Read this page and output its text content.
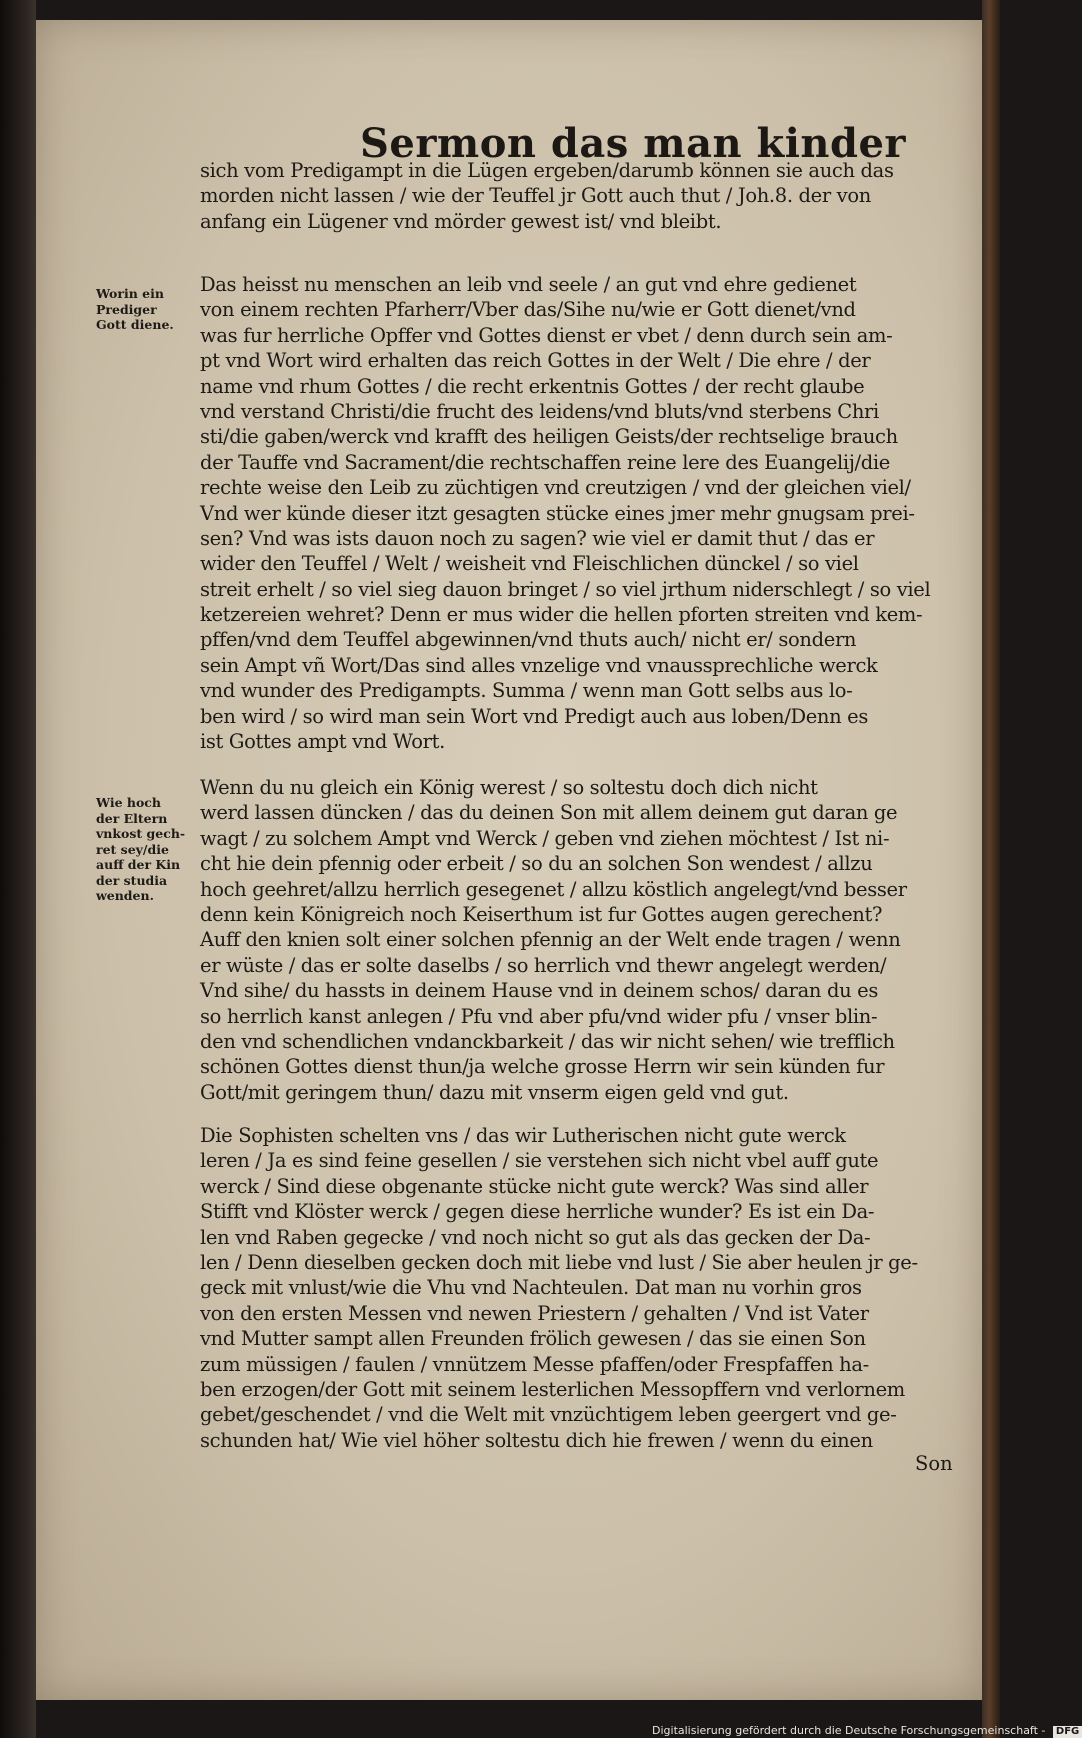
Sermon das man kinder
sich vom Predigampt in die Lügen ergeben/darumb können sie auch das
morden nicht lassen / wie der Teuffel jr Gott auch thut / Joh.8. der von
anfang ein Lügener vnd mörder gewest ist/ vnd bleibt.
Worin ein
Prediger
Gott diene.
Das heisst nu menschen an leib vnd seele / an gut vnd ehre gedienet
von einem rechten Pfarherr/Vber das/Sihe nu/wie er Gott dienet/vnd
was fur herrliche Opffer vnd Gottes dienst er vbet / denn durch sein am-
pt vnd Wort wird erhalten das reich Gottes in der Welt / Die ehre / der
name vnd rhum Gottes / die recht erkentnis Gottes / der recht glaube
vnd verstand Christi/die frucht des leidens/vnd bluts/vnd sterbens Chri
sti/die gaben/werck vnd krafft des heiligen Geists/der rechtselige brauch
der Tauffe vnd Sacrament/die rechtschaffen reine lere des Euangelij/die
rechte weise den Leib zu züchtigen vnd creutzigen / vnd der gleichen viel/
Vnd wer künde dieser itzt gesagten stücke eines jmer mehr gnugsam prei-
sen? Vnd was ists dauon noch zu sagen? wie viel er damit thut / das er
wider den Teuffel / Welt / weisheit vnd Fleischlichen dünckel / so viel
streit erhelt / so viel sieg dauon bringet / so viel jrthum niderschlegt / so viel
ketzereien wehret? Denn er mus wider die hellen pforten streiten vnd kem-
pffen/vnd dem Teuffel abgewinnen/vnd thuts auch/ nicht er/ sondern
sein Ampt vñ Wort/Das sind alles vnzelige vnd vnaussprechliche werck
vnd wunder des Predigampts. Summa / wenn man Gott selbs aus lo-
ben wird / so wird man sein Wort vnd Predigt auch aus loben/Denn es
ist Gottes ampt vnd Wort.
Wie hoch
der Eltern
vnkost gech-
ret sey/die
auff der Kin
der studia
wenden.
Wenn du nu gleich ein König werest / so soltestu doch dich nicht
werd lassen düncken / das du deinen Son mit allem deinem gut daran ge
wagt / zu solchem Ampt vnd Werck / geben vnd ziehen möchtest / Ist ni-
cht hie dein pfennig oder erbeit / so du an solchen Son wendest / allzu
hoch geehret/allzu herrlich gesegenet / allzu köstlich angelegt/vnd besser
denn kein Königreich noch Keiserthum ist fur Gottes augen gerechent?
Auff den knien solt einer solchen pfennig an der Welt ende tragen / wenn
er wüste / das er solte daselbs / so herrlich vnd thewr angelegt werden/
Vnd sihe/ du hassts in deinem Hause vnd in deinem schos/ daran du es
so herrlich kanst anlegen / Pfu vnd aber pfu/vnd wider pfu / vnser blin-
den vnd schendlichen vndanckbarkeit / das wir nicht sehen/ wie trefflich
schönen Gottes dienst thun/ja welche grosse Herrn wir sein künden fur
Gott/mit geringem thun/ dazu mit vnserm eigen geld vnd gut.
Die Sophisten schelten vns / das wir Lutherischen nicht gute werck
leren / Ja es sind feine gesellen / sie verstehen sich nicht vbel auff gute
werck / Sind diese obgenante stücke nicht gute werck? Was sind aller
Stifft vnd Klöster werck / gegen diese herrliche wunder? Es ist ein Da-
len vnd Raben gegecke / vnd noch nicht so gut als das gecken der Da-
len / Denn dieselben gecken doch mit liebe vnd lust / Sie aber heulen jr ge-
geck mit vnlust/wie die Vhu vnd Nachteulen. Dat man nu vorhin gros
von den ersten Messen vnd newen Priestern / gehalten / Vnd ist Vater
vnd Mutter sampt allen Freunden frölich gewesen / das sie einen Son
zum müssigen / faulen / vnnützem Messe pfaffen/oder Frespfaffen ha-
ben erzogen/der Gott mit seinem lesterlichen Messopffern vnd verlornem
gebet/geschendet / vnd die Welt mit vnzüchtigem leben geergert vnd ge-
schunden hat/ Wie viel höher soltestu dich hie frewen / wenn du einen
Son
Digitalisierung gefördert durch die Deutsche Forschungsgemeinschaft - DFG
